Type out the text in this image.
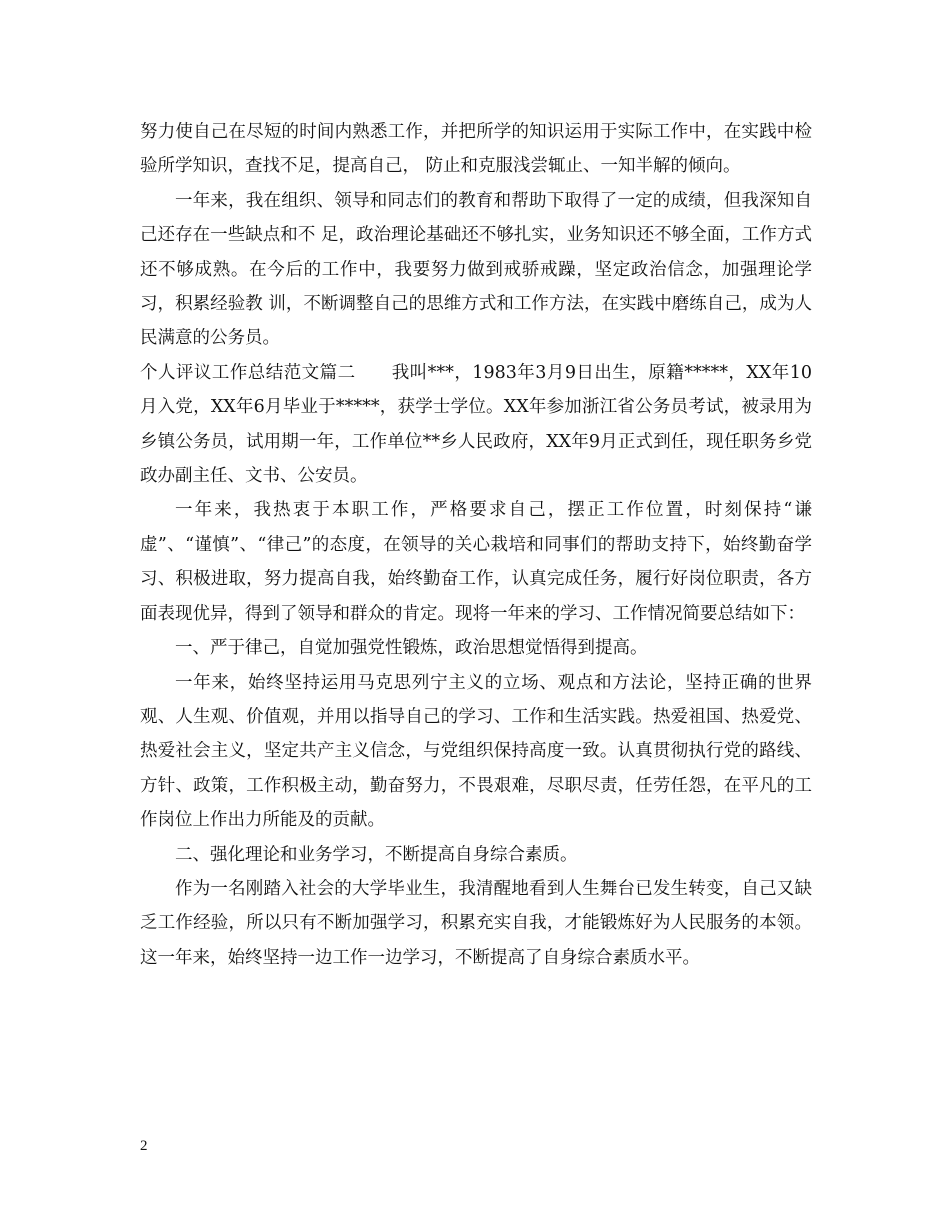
努力使自己在尽短的时间内熟悉工作，并把所学的知识运用于实际工作中，在实践中检验所学知识，查找不足，提高自己， 防止和克服浅尝辄止、一知半解的倾向。

一年来，我在组织、领导和同志们的教育和帮助下取得了一定的成绩，但我深知自己还存在一些缺点和不 足，政治理论基础还不够扎实，业务知识还不够全面，工作方式还不够成熟。在今后的工作中，我要努力做到戒骄戒躁，坚定政治信念，加强理论学习，积累经验教 训，不断调整自己的思维方式和工作方法，在实践中磨练自己，成为人民满意的公务员。

个人评议工作总结范文篇二      我叫***，1983年3月9日出生，原籍*****，XX年10月入党，XX年6月毕业于*****，获学士学位。XX年参加浙江省公务员考试，被录用为乡镇公务员，试用期一年，工作单位**乡人民政府，XX年9月正式到任，现任职务乡党政办副主任、文书、公安员。

一年来，我热衷于本职工作，严格要求自己，摆正工作位置，时刻保持“谦虚”、“谨慎”、“律己”的态度，在领导的关心栽培和同事们的帮助支持下，始终勤奋学习、积极进取，努力提高自我，始终勤奋工作，认真完成任务，履行好岗位职责，各方面表现优异，得到了领导和群众的肯定。现将一年来的学习、工作情况简要总结如下：

一、严于律己，自觉加强党性锻炼，政治思想觉悟得到提高。

一年来，始终坚持运用马克思列宁主义的立场、观点和方法论，坚持正确的世界观、人生观、价值观，并用以指导自己的学习、工作和生活实践。热爱祖国、热爱党、热爱社会主义，坚定共产主义信念，与党组织保持高度一致。认真贯彻执行党的路线、方针、政策，工作积极主动，勤奋努力，不畏艰难，尽职尽责，任劳任怨，在平凡的工作岗位上作出力所能及的贡献。

二、强化理论和业务学习，不断提高自身综合素质。

作为一名刚踏入社会的大学毕业生，我清醒地看到人生舞台已发生转变，自己又缺乏工作经验，所以只有不断加强学习，积累充实自我，才能锻炼好为人民服务的本领。这一年来，始终坚持一边工作一边学习，不断提高了自身综合素质水平。

2
